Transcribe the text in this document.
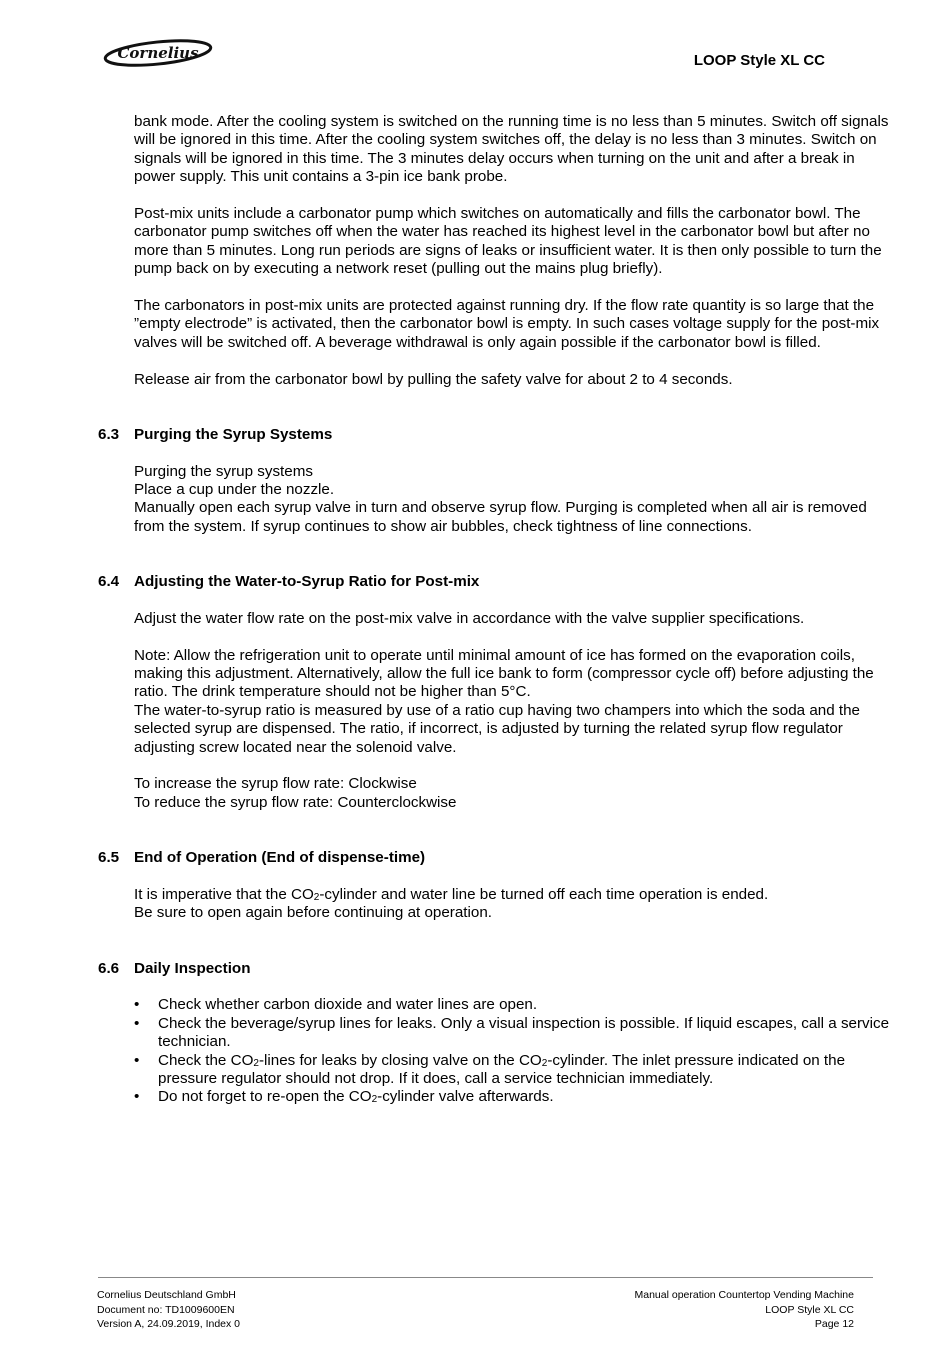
Cornelius	LOOP Style XL CC

bank mode. After the cooling system is switched on the running time is no less than 5 minutes. Switch off signals will be ignored in this time. After the cooling system switches off, the delay is no less than 3 minutes. Switch on signals will be ignored in this time. The 3 minutes delay occurs when turning on the unit and after a break in power supply. This unit contains a 3-pin ice bank probe.

Post-mix units include a carbonator pump which switches on automatically and fills the carbonator bowl. The carbonator pump switches off when the water has reached its highest level in the carbonator bowl but after no more than 5 minutes. Long run periods are signs of leaks or insufficient water. It is then only possible to turn the pump back on by executing a network reset (pulling out the mains plug briefly).

The carbonators in post-mix units are protected against running dry. If the flow rate quantity is so large that the ”empty electrode” is activated, then the carbonator bowl is empty. In such cases voltage supply for the post-mix valves will be switched off. A beverage withdrawal is only again possible if the carbonator bowl is filled.

Release air from the carbonator bowl by pulling the safety valve for about 2 to 4 seconds.

6.3 Purging the Syrup Systems

Purging the syrup systems

Place a cup under the nozzle.

Manually open each syrup valve in turn and observe syrup flow. Purging is completed when all air is removed from the system. If syrup continues to show air bubbles, check tightness of line connections.

6.4 Adjusting the Water-to-Syrup Ratio for Post-mix

Adjust the water flow rate on the post-mix valve in accordance with the valve supplier specifications.

Note: Allow the refrigeration unit to operate until minimal amount of ice has formed on the evaporation coils, making this adjustment. Alternatively, allow the full ice bank to form (compressor cycle off) before adjusting the ratio. The drink temperature should not be higher than 5°C.

The water-to-syrup ratio is measured by use of a ratio cup having two champers into which the soda and the selected syrup are dispensed. The ratio, if incorrect, is adjusted by turning the related syrup flow regulator adjusting screw located near the solenoid valve.

To increase the syrup flow rate: Clockwise

To reduce the syrup flow rate: Counterclockwise

6.5 End of Operation (End of dispense-time)

It is imperative that the $CO_2$-cylinder and water line be turned off each time operation is ended.

Be sure to open again before continuing at operation.

6.6 Daily Inspection
• Check whether carbon dioxide and water lines are open.
• Check the beverage/syrup lines for leaks. Only a visual inspection is possible. If liquid escapes, call a service technician.
• Check the $CO_2$-lines for leaks by closing valve on the $CO_2$-cylinder. The inlet pressure indicated on the pressure regulator should not drop. If it does, call a service technician immediately.
• Do not forget to re-open the $CO_2$-cylinder valve afterwards.
Cornelius Deutschland GmbH
Document no: TD1009600EN
Version A, 24.09.2019, Index 0
Manual operation Countertop Vending Machine
LOOP Style XL CC
Page 12
